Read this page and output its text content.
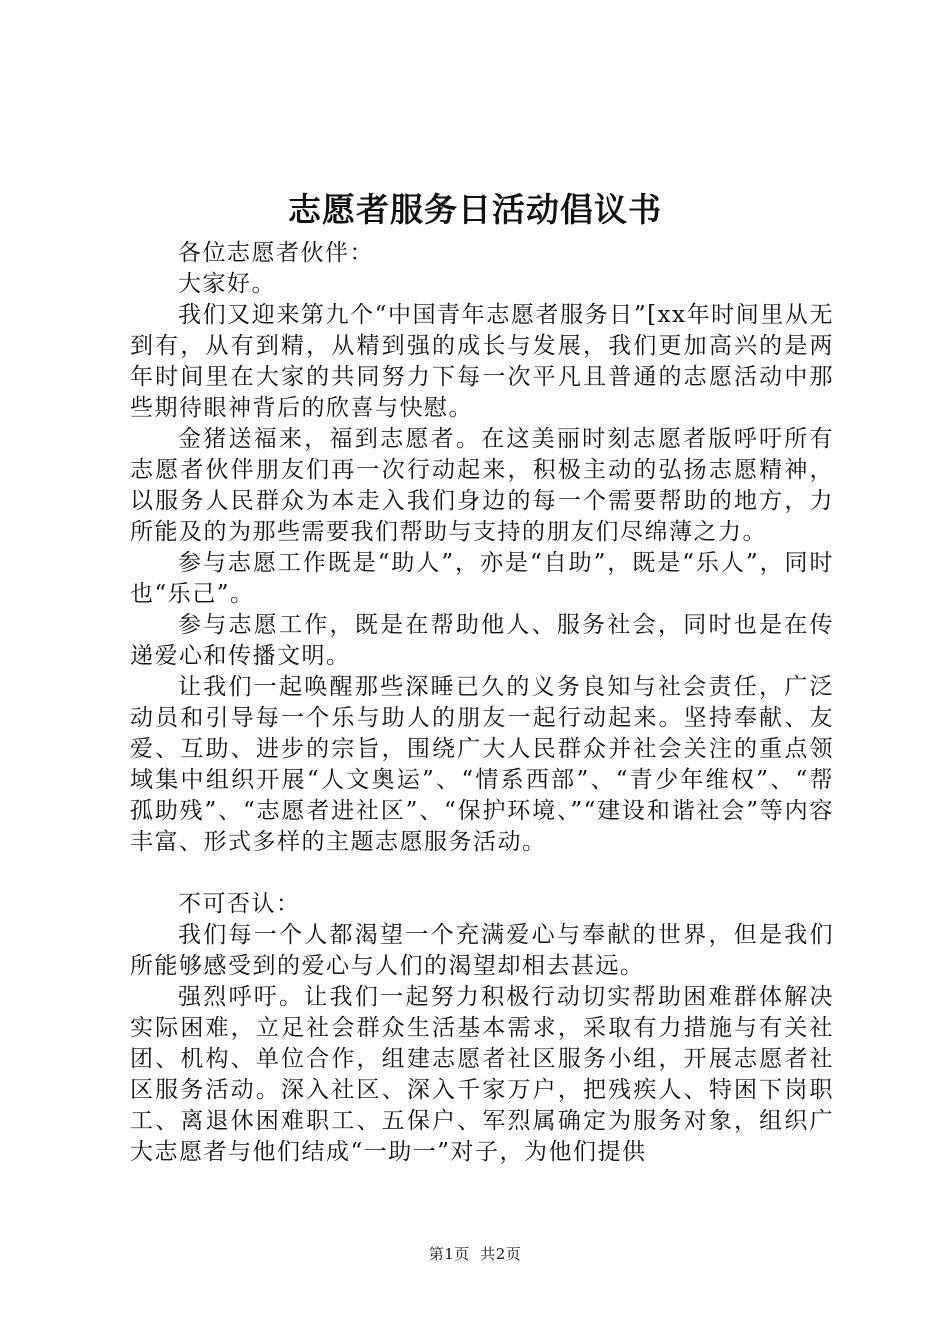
志愿者服务日活动倡议书

各位志愿者伙伴：

大家好。

我们又迎来第九个“中国青年志愿者服务日”[xx年时间里从无到有，从有到精，从精到强的成长与发展，我们更加高兴的是两年时间里在大家的共同努力下每一次平凡且普通的志愿活动中那些期待眼神背后的欣喜与快慰。

金猪送福来，福到志愿者。在这美丽时刻志愿者版呼吁所有志愿者伙伴朋友们再一次行动起来，积极主动的弘扬志愿精神，以服务人民群众为本走入我们身边的每一个需要帮助的地方，力所能及的为那些需要我们帮助与支持的朋友们尽绵薄之力。

参与志愿工作既是“助人”，亦是“自助”，既是“乐人”，同时也“乐己”。

参与志愿工作，既是在帮助他人、服务社会，同时也是在传递爱心和传播文明。

让我们一起唤醒那些深睡已久的义务良知与社会责任，广泛动员和引导每一个乐与助人的朋友一起行动起来。坚持奉献、友爱、互助、进步的宗旨，围绕广大人民群众并社会关注的重点领域集中组织开展“人文奥运”、“情系西部”、“青少年维权”、“帮孤助残”、“志愿者进社区”、“保护环境、”“建设和谐社会”等内容丰富、形式多样的主题志愿服务活动。

不可否认：

我们每一个人都渴望一个充满爱心与奉献的世界，但是我们所能够感受到的爱心与人们的渴望却相去甚远。

强烈呼吁。让我们一起努力积极行动切实帮助困难群体解决实际困难，立足社会群众生活基本需求，采取有力措施与有关社团、机构、单位合作，组建志愿者社区服务小组，开展志愿者社区服务活动。深入社区、深入千家万户，把残疾人、特困下岗职工、离退休困难职工、五保户、军烈属确定为服务对象，组织广大志愿者与他们结成“一助一”对子，为他们提供

第1页  共2页
